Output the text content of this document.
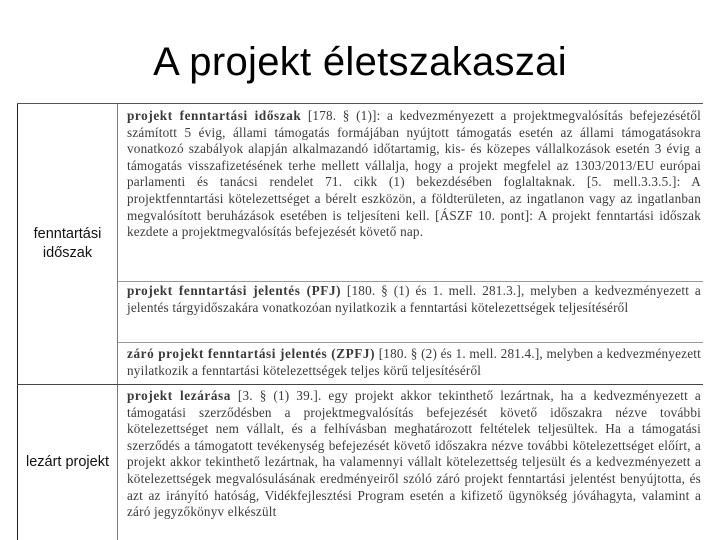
A projekt életszakaszai
fenntartási
időszak

projekt fenntartási időszak [178. § (1)]: a kedvezményezett a projektmegvalósítás befejezésétől számított 5 évig, állami támogatás formájában nyújtott támogatás esetén az állami támogatásokra vonatkozó szabályok alapján alkalmazandó időtartamig, kis- és közepes vállalkozások esetén 3 évig a támogatás visszafizetésének terhe mellett vállalja, hogy a projekt megfelel az 1303/2013/EU európai parlamenti és tanácsi rendelet 71. cikk (1) bekezdésében foglaltaknak. [5. mell.3.3.5.]: A projektfenntartási kötelezettséget a bérelt eszközön, a földterületen, az ingatlanon vagy az ingatlanban megvalósított beruházások esetében is teljesíteni kell. [ÁSZF 10. pont]: A projekt fenntartási időszak kezdete a projektmegvalósítás befejezését követő nap.

projekt fenntartási jelentés (PFJ) [180. § (1) és 1. mell. 281.3.], melyben a kedvezményezett a jelentés tárgyidőszakára vonatkozóan nyilatkozik a fenntartási kötelezettségek teljesítéséről

záró projekt fenntartási jelentés (ZPFJ) [180. § (2) és 1. mell. 281.4.], melyben a kedvezményezett nyilatkozik a fenntartási kötelezettségek teljes körű teljesítéséről

lezárt projekt

projekt lezárása [3. § (1) 39.]. egy projekt akkor tekinthető lezártnak, ha a kedvezményezett a támogatási szerződésben a projektmegvalósítás befejezését követő időszakra nézve további kötelezettséget nem vállalt, és a felhívásban meghatározott feltételek teljesültek. Ha a támogatási szerződés a támogatott tevékenység befejezését követő időszakra nézve további kötelezettséget előírt, a projekt akkor tekinthető lezártnak, ha valamennyi vállalt kötelezettség teljesült és a kedvezményezett a kötelezettségek megvalósulásának eredményeiről szóló záró projekt fenntartási jelentést benyújtotta, és azt az irányító hatóság, Vidékfejlesztési Program esetén a kifizető ügynökség jóváhagyta, valamint a záró jegyzőkönyv elkészült
